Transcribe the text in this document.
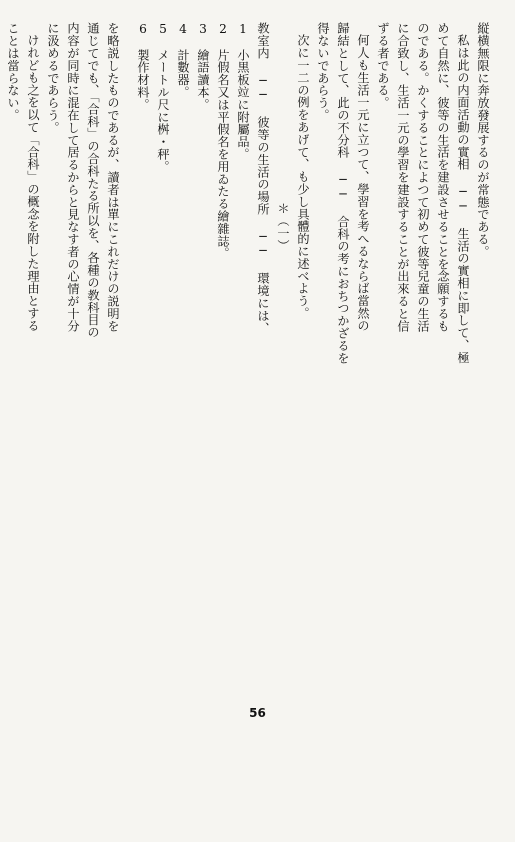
縦横無限に奔放發展するのが常態である。
私は此の内面活動の實相 ── 生活の實相に即して、極
めて自然に、彼等の生活を建設させることを念願するも
のである。かくすることによつて初めて彼等兒童の生活
に合致し、生活一元の學習を建設することが出來ると信
ずる者である。
何人も生活一元に立つて、學習を考へるならば當然の
歸結として、此の不分科 ── 合科の考におちつかざるを
得ないであらう。
次に一二の例をあげて、も少し具體的に述べよう。
＊（一）
教室内 ── 彼等の生活の場所 ── 環境には、
1　小黒板竝に附屬品。
2　片假名又は平假名を用ゐたる繪雜誌。
3　繪語讀本。
4　計數器。
5　メートル尺に桝・秤。
6　製作材料。
を略説したものであるが、讀者は單にこれだけの説明を
通じてでも、「合科」の合科たる所以を、各種の教科目の
内容が同時に混在して居るからと見なす者の心情が十分
に汲めるであらう。
けれども之を以て「合科」の概念を附した理由とする
ことは當らない。
56
